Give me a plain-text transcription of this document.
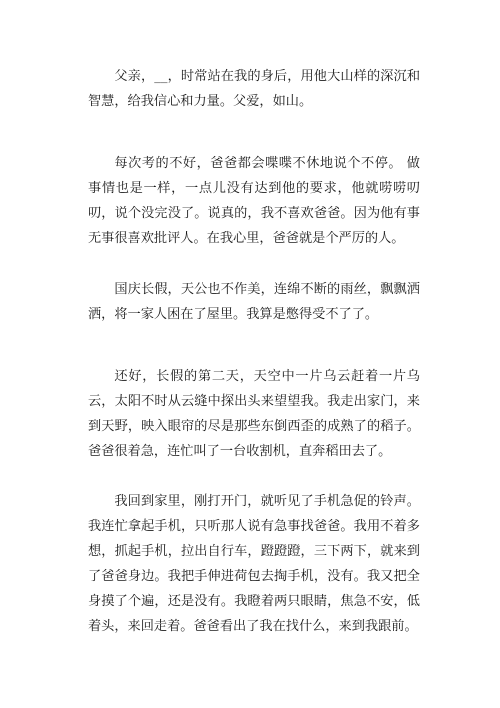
父亲，__，时常站在我的身后，用他大山样的深沉和智慧，给我信心和力量。父爱，如山。

每次考的不好，爸爸都会喋喋不休地说个不停。 做事情也是一样，一点儿没有达到他的要求，他就唠唠叨叨，说个没完没了。说真的，我不喜欢爸爸。因为他有事无事很喜欢批评人。在我心里，爸爸就是个严厉的人。

国庆长假，天公也不作美，连绵不断的雨丝，飘飘洒洒，将一家人困在了屋里。我算是憋得受不了了。

还好，长假的第二天，天空中一片乌云赶着一片乌云，太阳不时从云缝中探出头来望望我。我走出家门，来到天野，映入眼帘的尽是那些东倒西歪的成熟了的稻子。爸爸很着急，连忙叫了一台收割机，直奔稻田去了。

我回到家里，刚打开门，就听见了手机急促的铃声。我连忙拿起手机，只听那人说有急事找爸爸。我用不着多想，抓起手机，拉出自行车，蹬蹬蹬，三下两下，就来到了爸爸身边。我把手伸进荷包去掏手机，没有。我又把全身摸了个遍，还是没有。我瞪着两只眼睛，焦急不安，低着头，来回走着。爸爸看出了我在找什么，来到我跟前。
